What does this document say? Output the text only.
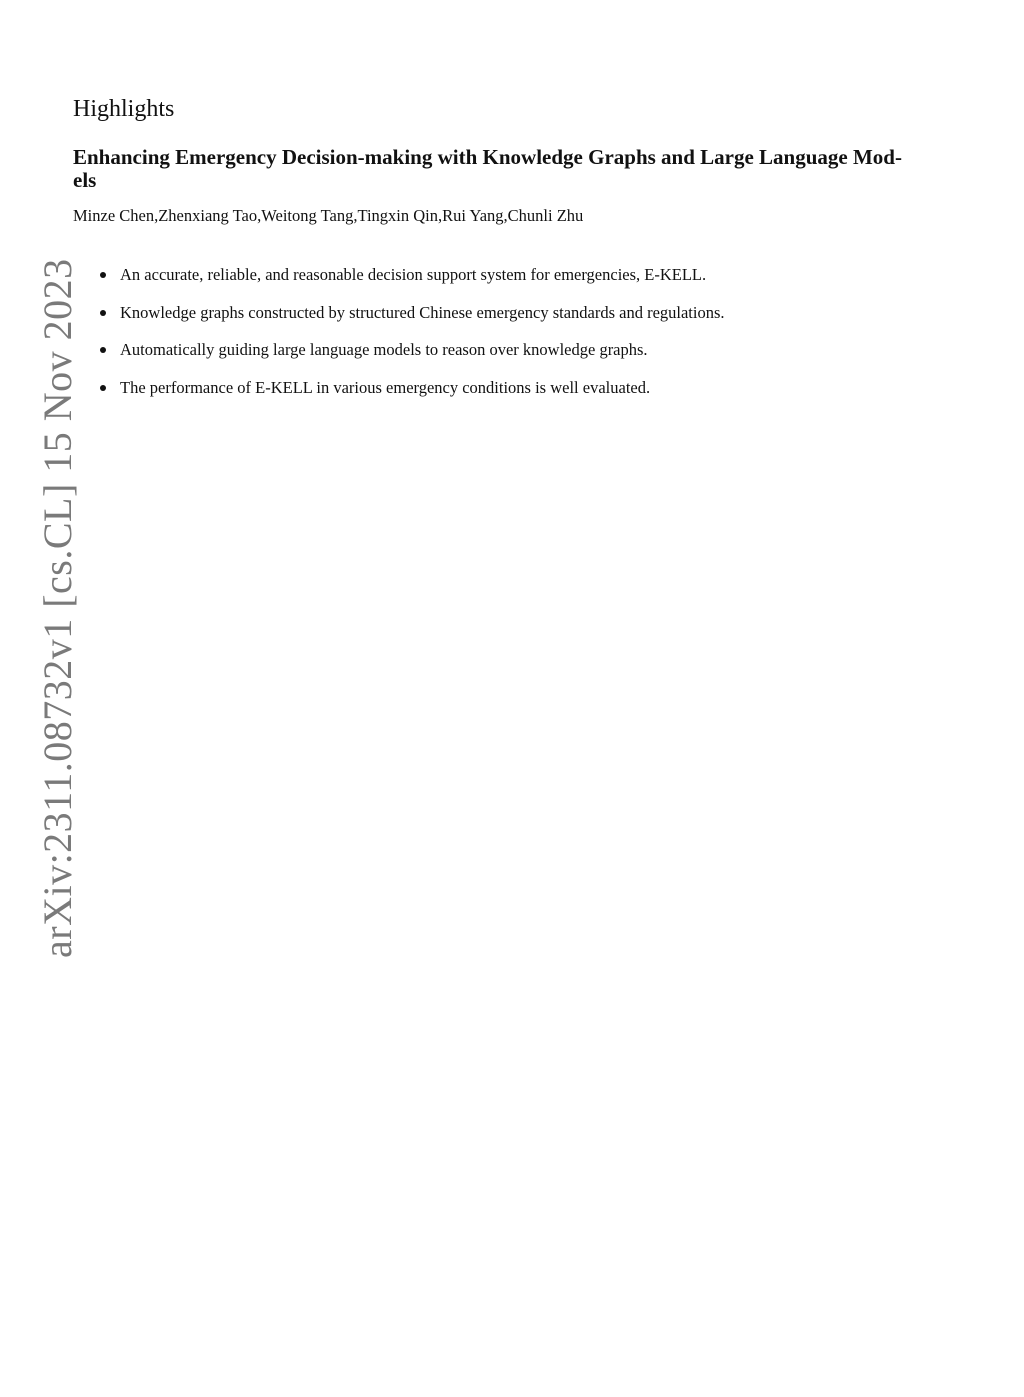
arXiv:2311.08732v1 [cs.CL] 15 Nov 2023
Highlights
Enhancing Emergency Decision-making with Knowledge Graphs and Large Language Mod-
els

Minze Chen,Zhenxiang Tao,Weitong Tang,Tingxin Qin,Rui Yang,Chunli Zhu

An accurate, reliable, and reasonable decision support system for emergencies, E-KELL.
Knowledge graphs constructed by structured Chinese emergency standards and regulations.
Automatically guiding large language models to reason over knowledge graphs.
The performance of E-KELL in various emergency conditions is well evaluated.
